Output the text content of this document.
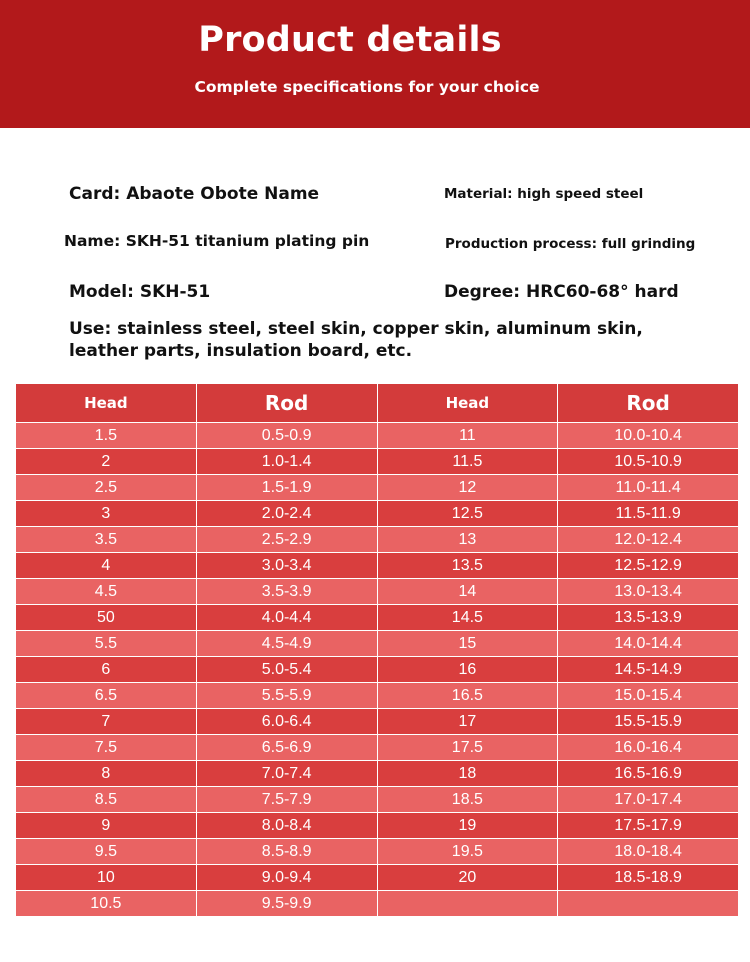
Product details
Complete specifications for your choice
Card: Abaote Obote Name
Name: SKH-51 titanium plating pin
Model: SKH-51
Material: high speed steel
Production process: full grinding
Degree: HRC60-68° hard
Use: stainless steel, steel skin, copper skin, aluminum skin, leather parts, insulation board, etc.
Head	Rod	Head	Rod
1.5	0.5-0.9	11	10.0-10.4
2	1.0-1.4	11.5	10.5-10.9
2.5	1.5-1.9	12	11.0-11.4
3	2.0-2.4	12.5	11.5-11.9
3.5	2.5-2.9	13	12.0-12.4
4	3.0-3.4	13.5	12.5-12.9
4.5	3.5-3.9	14	13.0-13.4
50	4.0-4.4	14.5	13.5-13.9
5.5	4.5-4.9	15	14.0-14.4
6	5.0-5.4	16	14.5-14.9
6.5	5.5-5.9	16.5	15.0-15.4
7	6.0-6.4	17	15.5-15.9
7.5	6.5-6.9	17.5	16.0-16.4
8	7.0-7.4	18	16.5-16.9
8.5	7.5-7.9	18.5	17.0-17.4
9	8.0-8.4	19	17.5-17.9
9.5	8.5-8.9	19.5	18.0-18.4
10	9.0-9.4	20	18.5-18.9
10.5	9.5-9.9		
